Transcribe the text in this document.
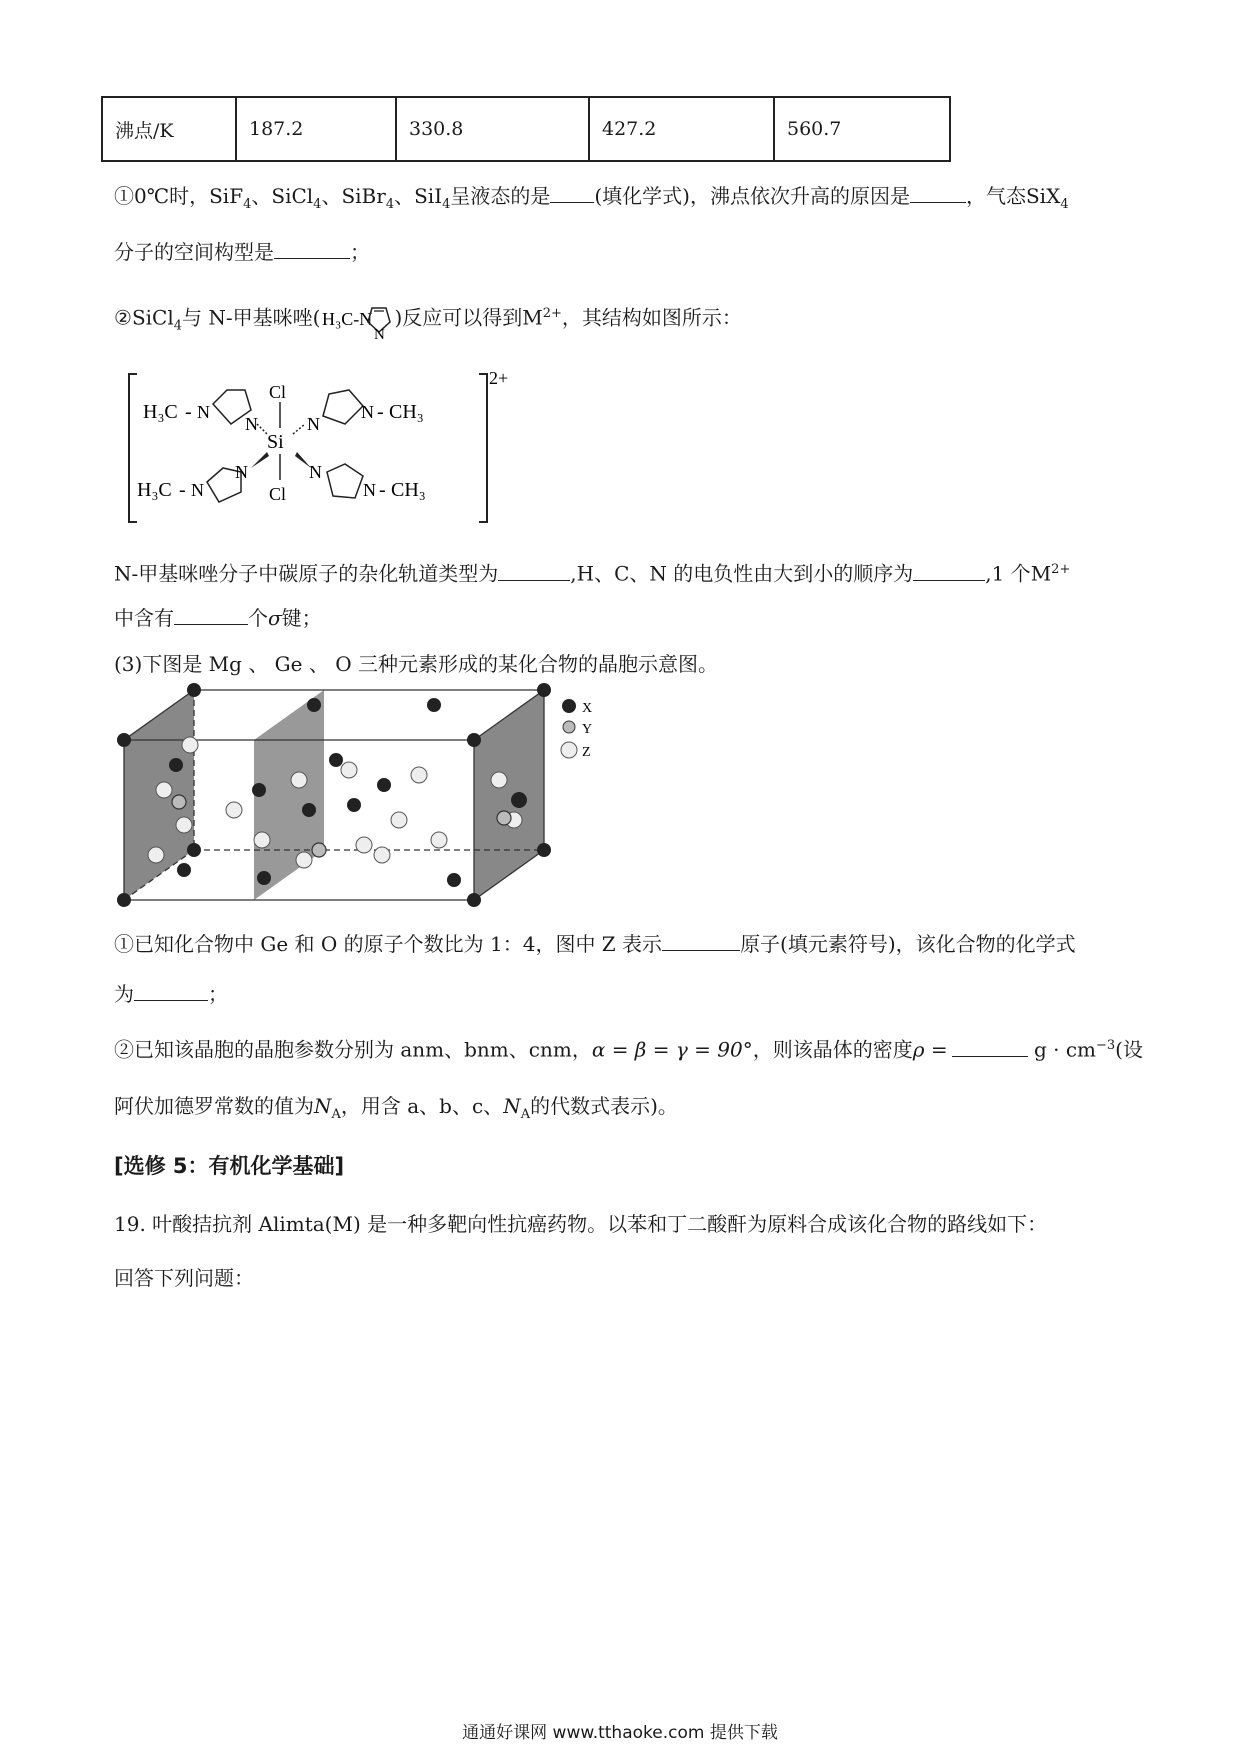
沸点/K	187.2	330.8	427.2	560.7
①0℃时，SiF$_4$、SiCl$_4$、SiBr$_4$、SiI$_4$呈液态的是 (填化学式)，沸点依次升高的原因是	，气态SiX$_4$
分子的空间构型是	；
②SiCl$_4$与 N-甲基咪唑( H₃C-N
N
)反应可以得到$M^{2+}$，其结构如图所示：
2+
H₃C - N
N
H₃C - N
N
Cl
Si
Cl
N
N - CH₃
N
N - CH₃
N-甲基咪唑分子中碳原子的杂化轨道类型为	,H、C、N 的电负性由大到小的顺序为	,1 个$M^{2+}$
中含有	个σ键；
(3)下图是 Mg 、 Ge 、 O 三种元素形成的某化合物的晶胞示意图。
X
Y
Z
①已知化合物中 Ge 和 O 的原子个数比为 1：4，图中 Z 表示	原子(填元素符号)，该化合物的化学式
为	；
②已知该晶胞的晶胞参数分别为 anm、bnm、cnm，α = β = γ = 90°，则该晶体的密度ρ =	$g \cdot cm^{-3}$(设
阿伏加德罗常数的值为$N_A$，用含 a、b、c、$N_A$的代数式表示)。
[选修 5：有机化学基础]
19. 叶酸拮抗剂 Alimta(M) 是一种多靶向性抗癌药物。以苯和丁二酸酐为原料合成该化合物的路线如下：
回答下列问题：
通通好课网 www.tthaoke.com 提供下载
